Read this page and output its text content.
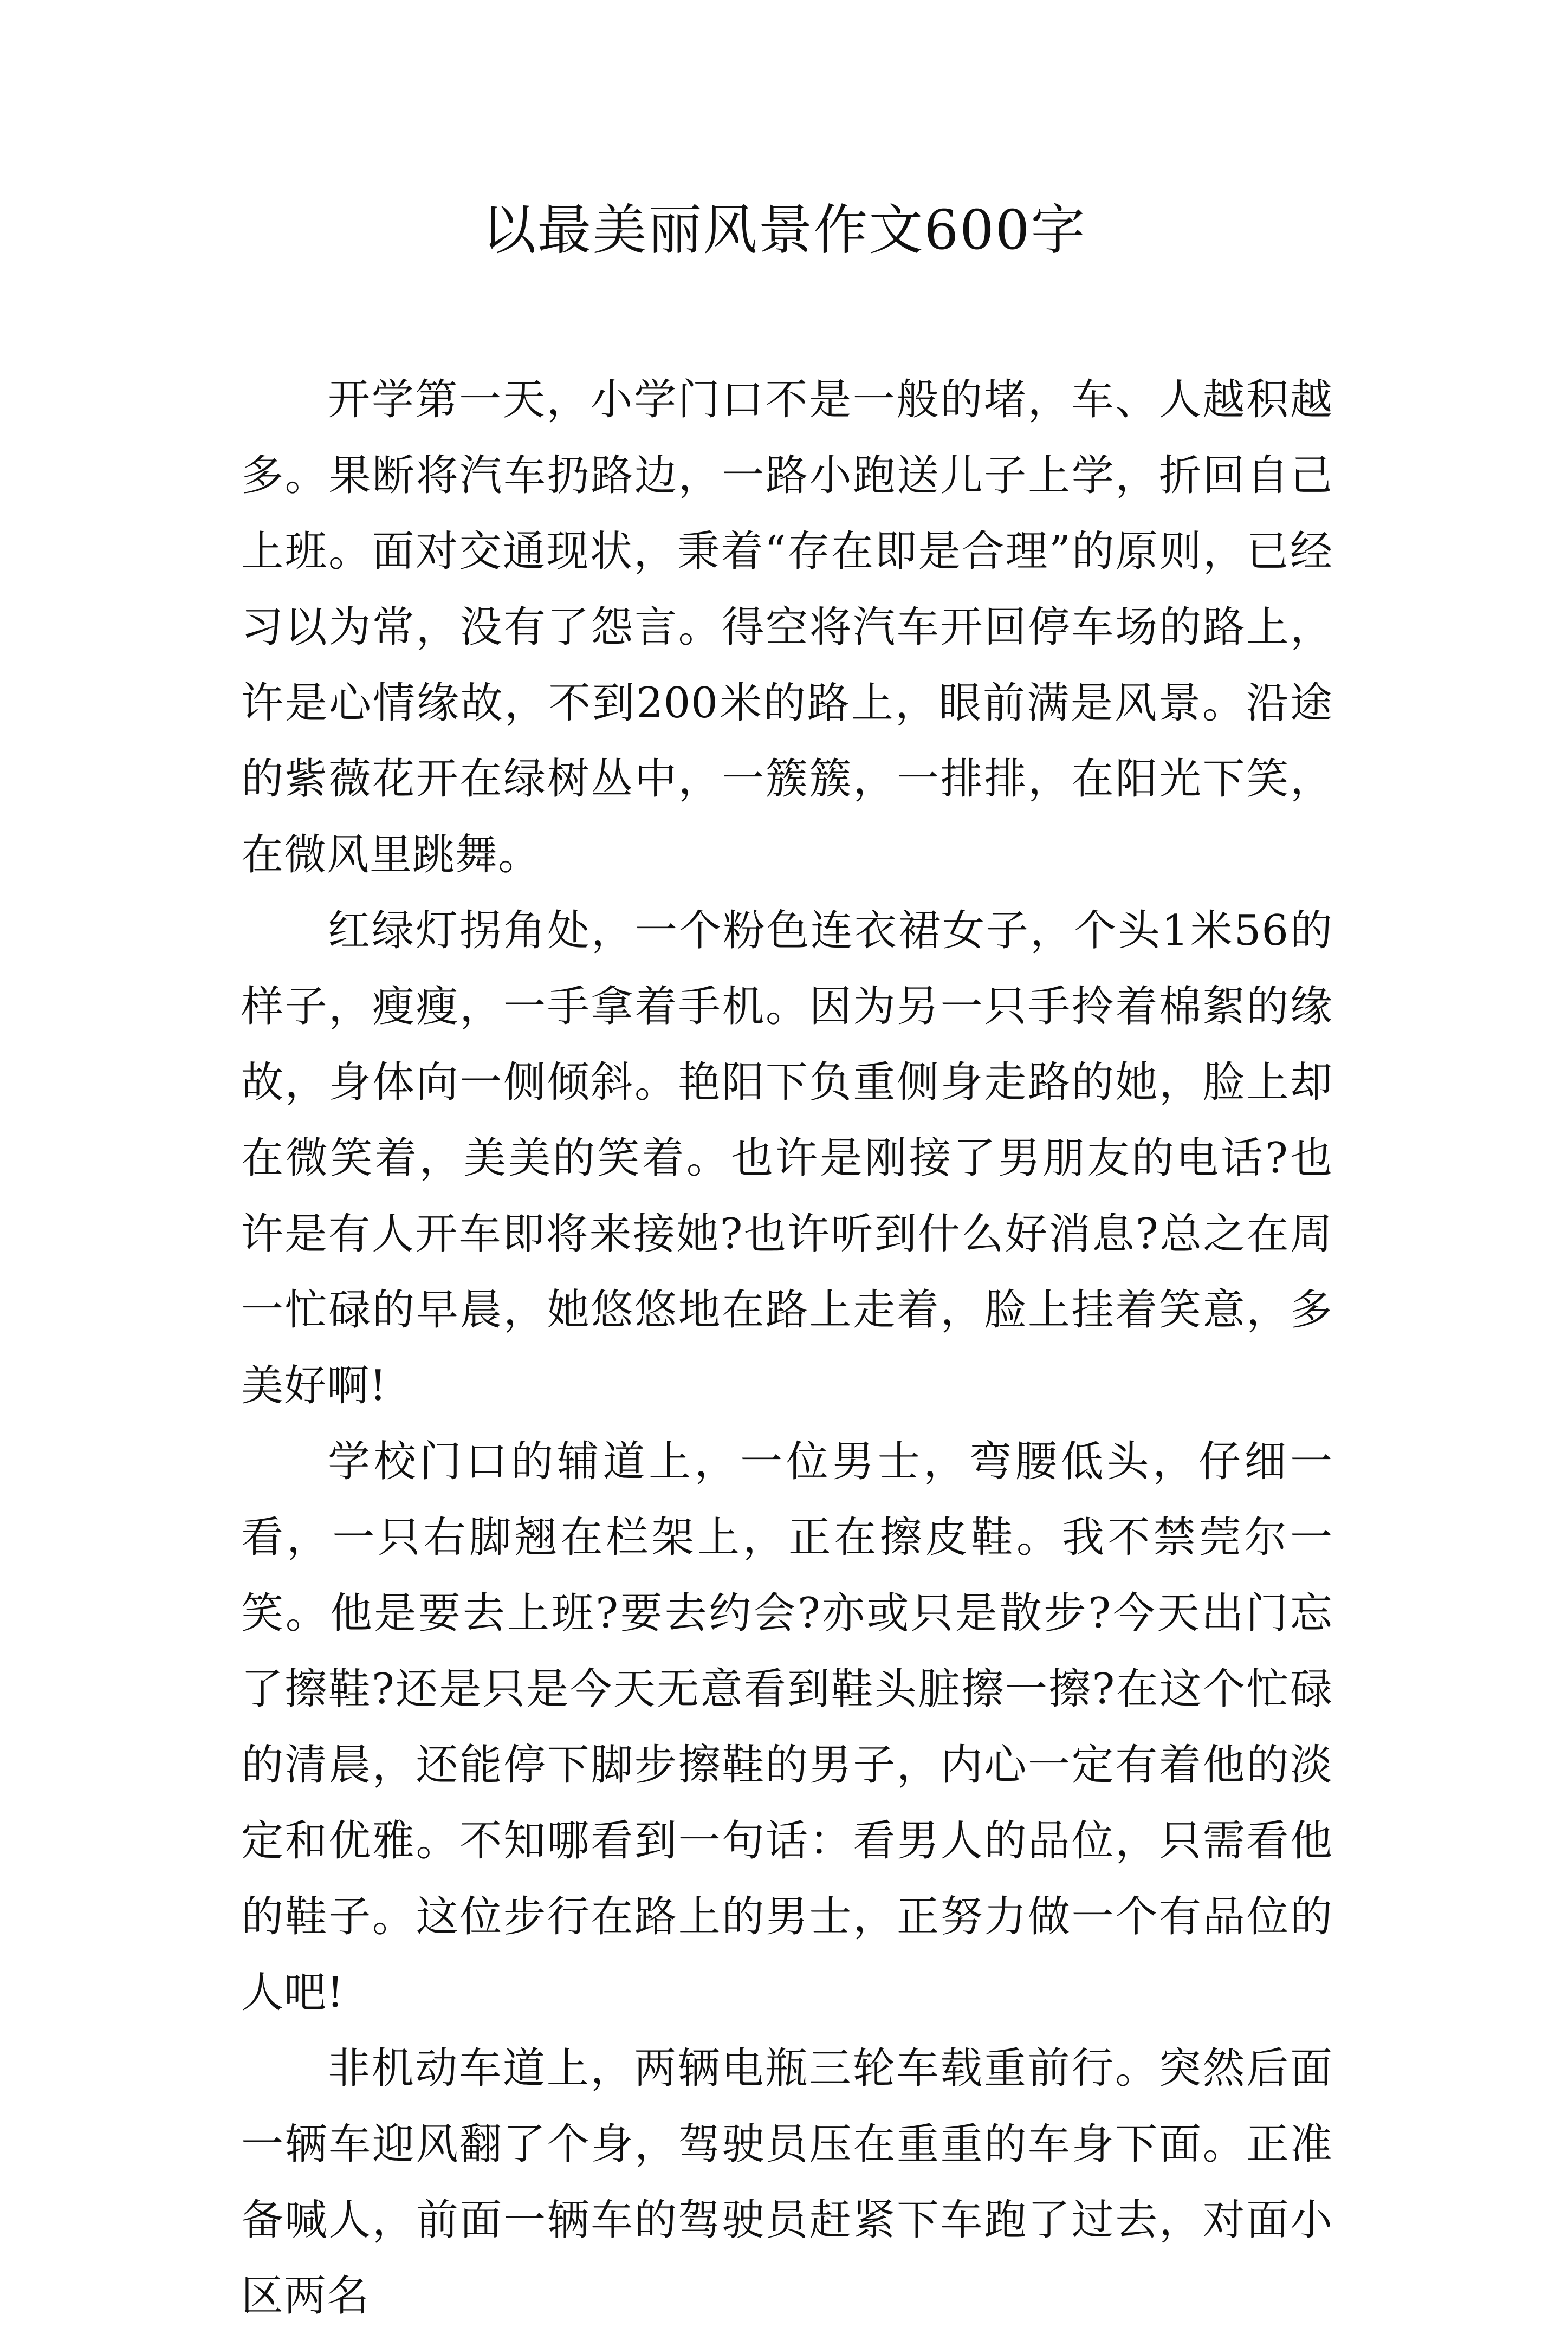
以最美丽风景作文600字

开学第一天，小学门口不是一般的堵，车、人越积越多。果断将汽车扔路边，一路小跑送儿子上学，折回自己上班。面对交通现状，秉着“存在即是合理”的原则，已经习以为常，没有了怨言。得空将汽车开回停车场的路上，许是心情缘故，不到200米的路上，眼前满是风景。沿途的紫薇花开在绿树丛中，一簇簇，一排排，在阳光下笑，在微风里跳舞。

红绿灯拐角处，一个粉色连衣裙女子，个头1米56的样子，瘦瘦，一手拿着手机。因为另一只手拎着棉絮的缘故，身体向一侧倾斜。艳阳下负重侧身走路的她，脸上却在微笑着，美美的笑着。也许是刚接了男朋友的电话?也许是有人开车即将来接她?也许听到什么好消息?总之在周一忙碌的早晨，她悠悠地在路上走着，脸上挂着笑意，多美好啊!

学校门口的辅道上，一位男士，弯腰低头，仔细一看，一只右脚翘在栏架上，正在擦皮鞋。我不禁莞尔一笑。他是要去上班?要去约会?亦或只是散步?今天出门忘了擦鞋?还是只是今天无意看到鞋头脏擦一擦?在这个忙碌的清晨，还能停下脚步擦鞋的男子，内心一定有着他的淡定和优雅。不知哪看到一句话：看男人的品位，只需看他的鞋子。这位步行在路上的男士，正努力做一个有品位的人吧!

非机动车道上，两辆电瓶三轮车载重前行。突然后面一辆车迎风翻了个身，驾驶员压在重重的车身下面。正准备喊人，前面一辆车的驾驶员赶紧下车跑了过去，对面小区两名
